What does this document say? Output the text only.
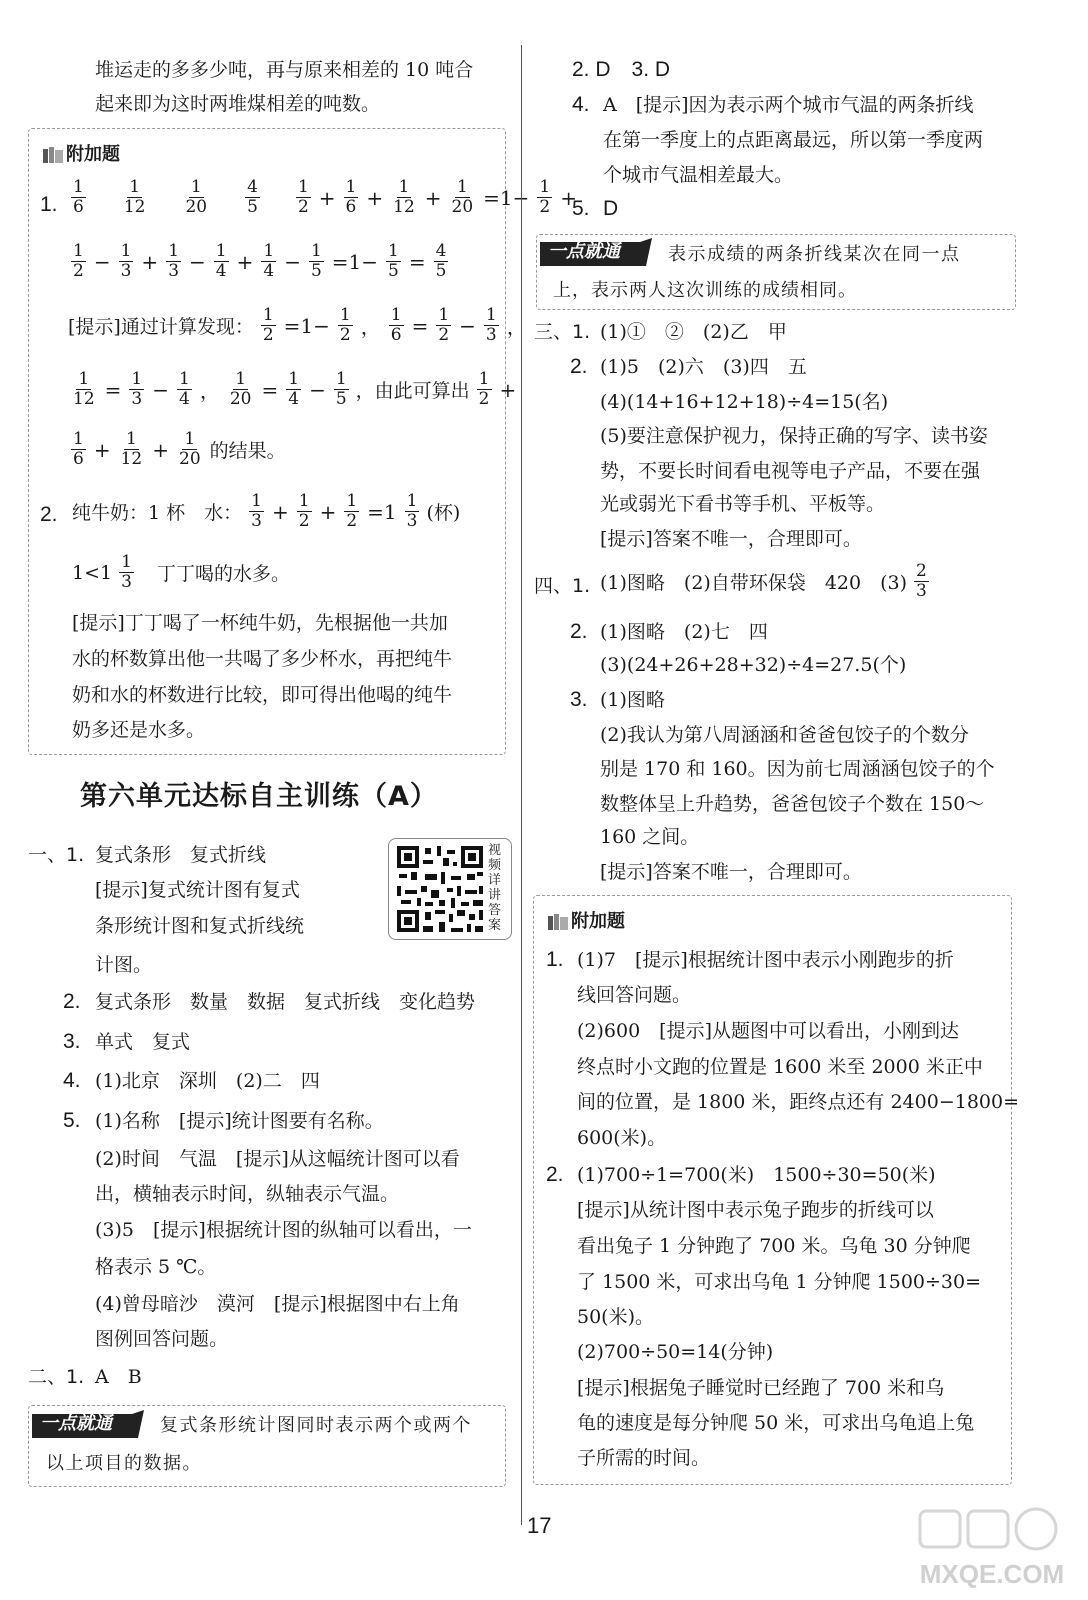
堆运走的多多少吨，再与原来相差的 10 吨合
起来即为这时两堆煤相差的吨数。
附加题
1. $\frac{1}{6} \frac{1}{12} \frac{1}{20} \frac{4}{5} \frac{1}{2} + \frac{1}{6} + \frac{1}{12} + \frac{1}{20} =1- \frac{1}{2}$ +
$\frac{1}{2} - \frac{1}{3} + \frac{1}{3} - \frac{1}{4} + \frac{1}{4} - \frac{1}{5} =1- \frac{1}{5} = \frac{4}{5}$
[提示]通过计算发现： $\frac{1}{2} =1- \frac{1}{2}$ ， $\frac{1}{6} = \frac{1}{2} - \frac{1}{3}$ ，
$\frac{1}{12} = \frac{1}{3} - \frac{1}{4}$ ， $\frac{1}{20} = \frac{1}{4} - \frac{1}{5}$ ，由此可算出 $\frac{1}{2}$ +
$\frac{1}{6} + \frac{1}{12} + \frac{1}{20}$ 的结果。
2. 纯牛奶：1 杯　水： $\frac{1}{3} + \frac{1}{2} + \frac{1}{2} =1 \frac{1}{3}$ (杯)
$1<1 \frac{1}{3}$ 丁丁喝的水多。
[提示]丁丁喝了一杯纯牛奶，先根据他一共加
水的杯数算出他一共喝了多少杯水，再把纯牛
奶和水的杯数进行比较，即可得出他喝的纯牛
奶多还是水多。
第六单元达标自主训练（A）
视频详讲答案
一、1. 复式条形　复式折线
[提示]复式统计图有复式
条形统计图和复式折线统
计图。
2. 复式条形　数量　数据　复式折线　变化趋势
3. 单式　复式
4. (1)北京　深圳　(2)二　四
5. (1)名称　[提示]统计图要有名称。
(2)时间　气温　[提示]从这幅统计图可以看
出，横轴表示时间，纵轴表示气温。
(3)5　[提示]根据统计图的纵轴可以看出，一
格表示 5 ℃。
(4)曾母暗沙　漠河　[提示]根据图中右上角
图例回答问题。
二、1. A　B
一点就通	复式条形统计图同时表示两个或两个
以上项目的数据。
2. D　3. D
4. A　[提示]因为表示两个城市气温的两条折线
在第一季度上的点距离最远，所以第一季度两
个城市气温相差最大。
5. D
一点就通	表示成绩的两条折线某次在同一点
上，表示两人这次训练的成绩相同。
三、1. (1)①　②　(2)乙　甲
2. (1)5　(2)六　(3)四　五
(4)(14+16+12+18)÷4=15(名)
(5)要注意保护视力，保持正确的写字、读书姿
势，不要长时间看电视等电子产品，不要在强
光或弱光下看书等手机、平板等。
[提示]答案不唯一，合理即可。
四、1. (1)图略　(2)自带环保袋　420　$(3) \frac{2}{3}$
2. (1)图略　(2)七　四
(3)(24+26+28+32)÷4=27.5(个)
3. (1)图略
(2)我认为第八周涵涵和爸爸包饺子的个数分
别是 170 和 160。因为前七周涵涵包饺子的个
数整体呈上升趋势，爸爸包饺子个数在 150～
160 之间。
[提示]答案不唯一，合理即可。
附加题
1. (1)7　[提示]根据统计图中表示小刚跑步的折
线回答问题。
(2)600　[提示]从题图中可以看出，小刚到达
终点时小文跑的位置是 1600 米至 2000 米正中
间的位置，是 1800 米，距终点还有 2400−1800=
600(米)。
2. (1)700÷1=700(米)　1500÷30=50(米)
[提示]从统计图中表示兔子跑步的折线可以
看出兔子 1 分钟跑了 700 米。乌龟 30 分钟爬
了 1500 米，可求出乌龟 1 分钟爬 1500÷30=
50(米)。
(2)700÷50=14(分钟)
[提示]根据兔子睡觉时已经跑了 700 米和乌
龟的速度是每分钟爬 50 米，可求出乌龟追上兔
子所需的时间。
17
MXQE.COM
